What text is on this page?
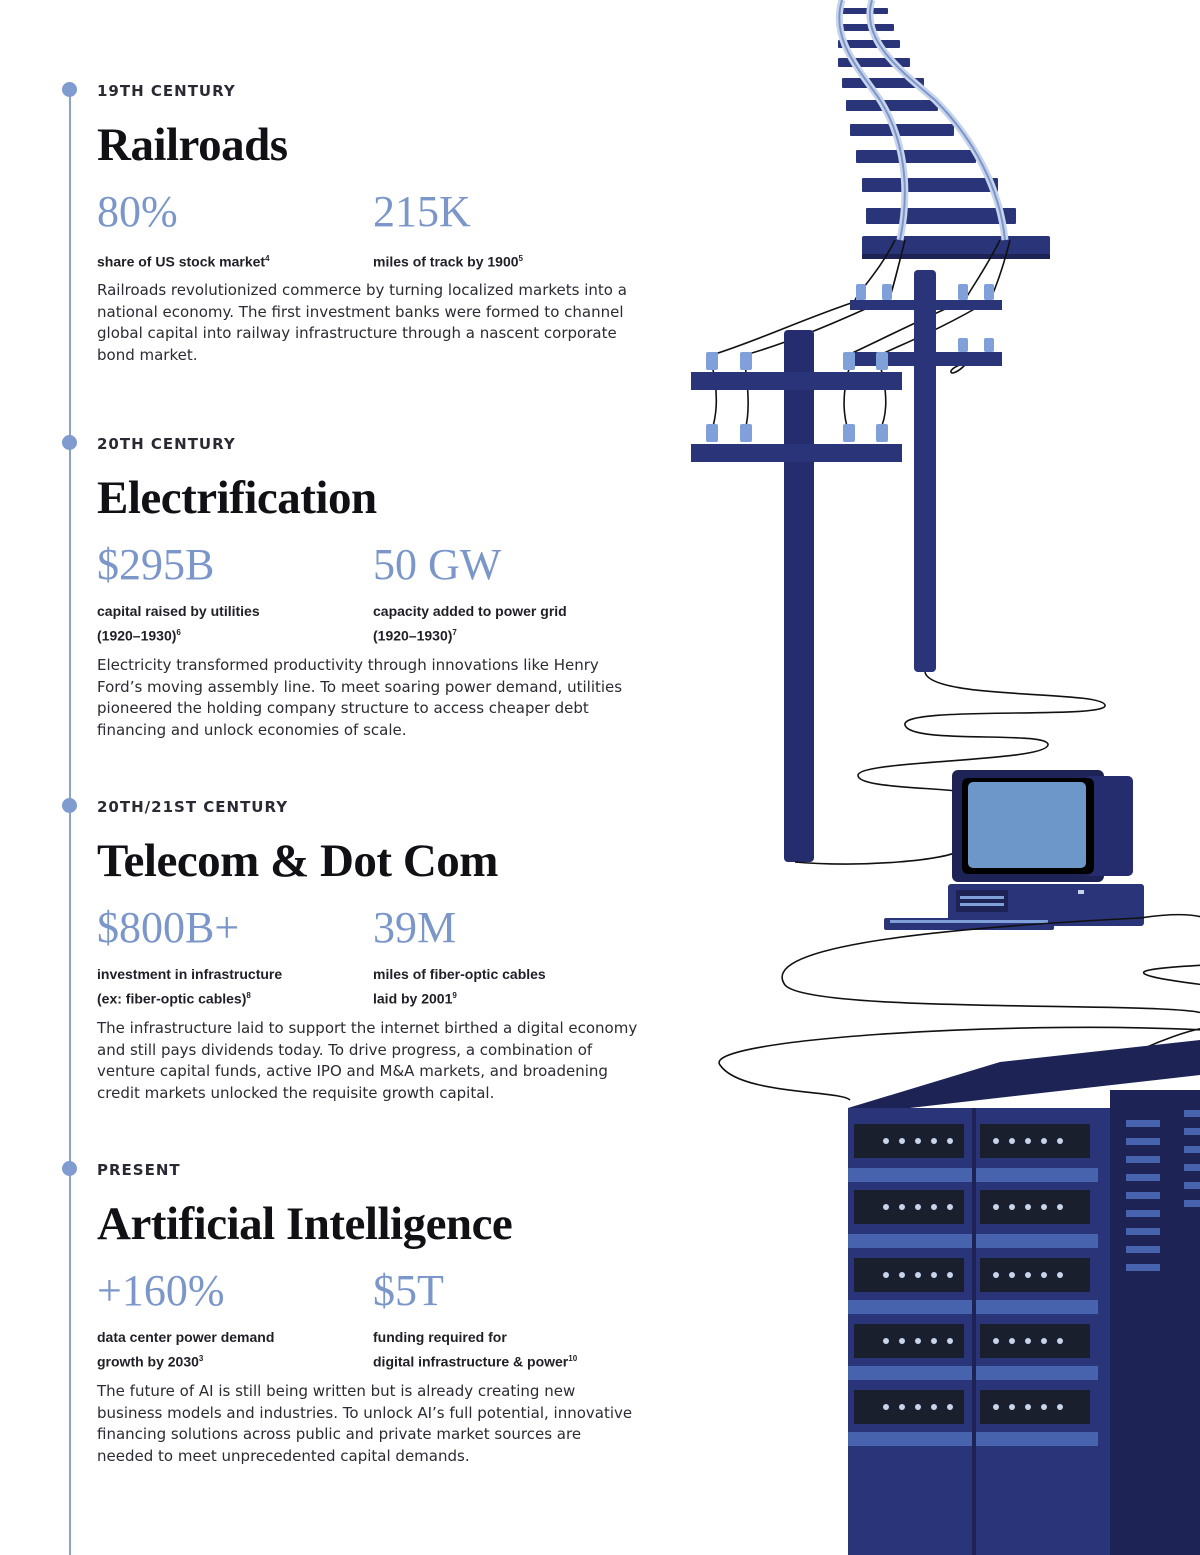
19TH CENTURY

Railroads
80%
share of US stock market$^4$
215K
miles of track by 1900$^5$

Railroads revolutionized commerce by turning localized markets into a national economy. The first investment banks were formed to channel global capital into railway infrastructure through a nascent corporate bond market.

20TH CENTURY

Electrification
$295B
capital raised by utilities
(1920–1930)$^6$
50 GW
capacity added to power grid
(1920–1930)$^7$

Electricity transformed productivity through innovations like Henry Ford’s moving assembly line. To meet soaring power demand, utilities pioneered the holding company structure to access cheaper debt financing and unlock economies of scale.

20TH/21ST CENTURY

Telecom & Dot Com
$800B+
investment in infrastructure
(ex: fiber-optic cables)$^8$
39M
miles of fiber-optic cables
laid by 2001$^9$

The infrastructure laid to support the internet birthed a digital economy and still pays dividends today. To drive progress, a combination of venture capital funds, active IPO and M&A markets, and broadening credit markets unlocked the requisite growth capital.

PRESENT

Artificial Intelligence
+160%
data center power demand
growth by 2030$^3$
$5T
funding required for
digital infrastructure & power$^{10}$

The future of AI is still being written but is already creating new business models and industries. To unlock AI’s full potential, innovative financing solutions across public and private market sources are needed to meet unprecedented capital demands.
